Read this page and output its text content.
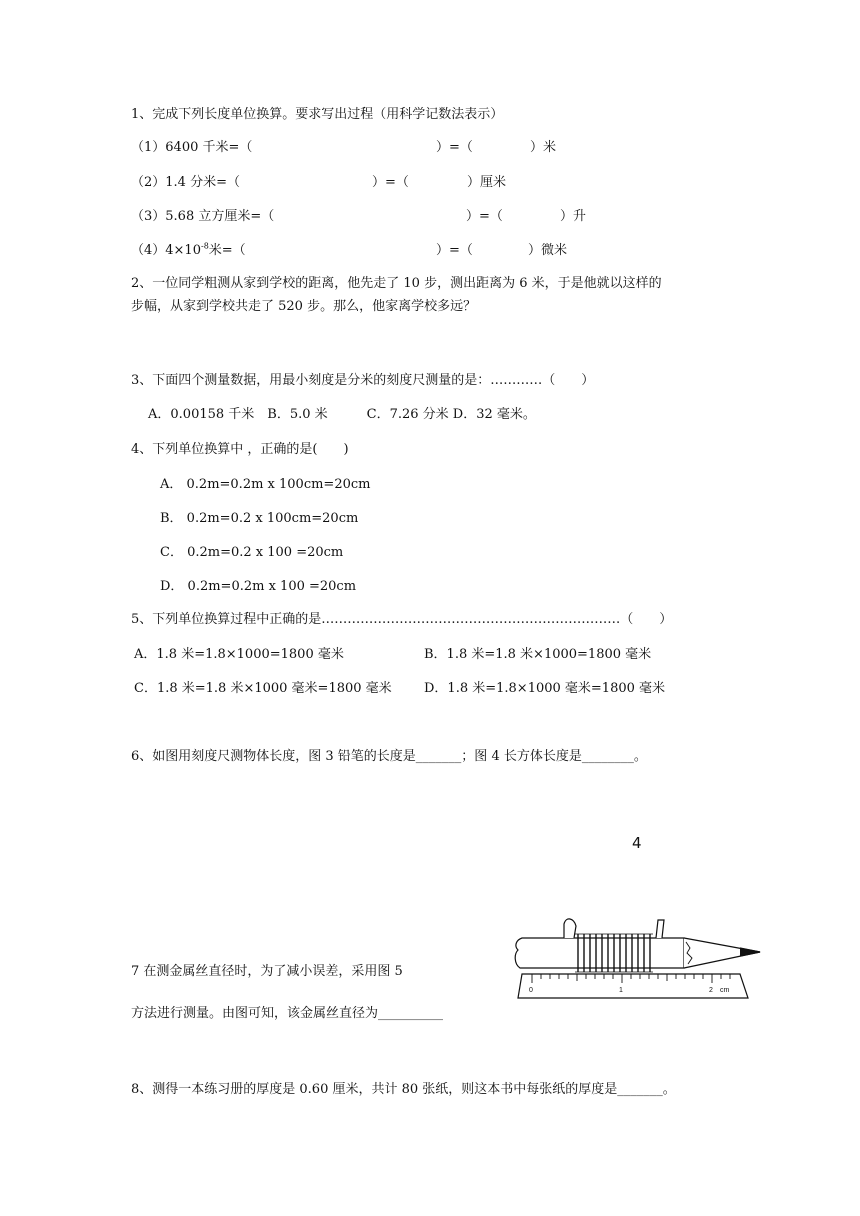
1、完成下列长度单位换算。要求写出过程（用科学记数法表示）
（1）6400 千米=（	）=（	）米
（2）1.4 分米=（	）=（	）厘米
（3）5.68 立方厘米=（	）=（	）升
$(4)4\times 10^{-8}$米=（	）=（	）微米
2、一位同学粗测从家到学校的距离，他先走了 10 步，测出距离为 6 米，于是他就以这样的
步幅，从家到学校共走了 520 步。那么，他家离学校多远？
3、下面四个测量数据，用最小刻度是分米的刻度尺测量的是：…………（　　）
A．0.00158 千米　B．5.0 米　　　C．7.26 分米 D．32 毫米。
4、下列单位换算中 ，正确的是(　　)
A． 0.2m=0.2m x 100cm=20cm
B． 0.2m=0.2 x 100cm=20cm
C． 0.2m=0.2 x 100 =20cm
D． 0.2m=0.2m x 100 =20cm
5、下列单位换算过程中正确的是……………………………………………………………（　　）
A．1.8 米=1.8×1000=1800 毫米	B．1.8 米=1.8 米×1000=1800 毫米
C．1.8 米=1.8 米×1000 毫米=1800 毫米 D．1.8 米=1.8×1000 毫米=1800 毫米
6、如图用刻度尺测物体长度，图 3 铅笔的长度是_______；图 4 长方体长度是________。
4
7 在测金属丝直径时，为了减小误差，采用图 5
方法进行测量。由图可知，该金属丝直径为__________
0	1	2 cm
8、测得一本练习册的厚度是 0.60 厘米，共计 80 张纸，则这本书中每张纸的厚度是_______。
